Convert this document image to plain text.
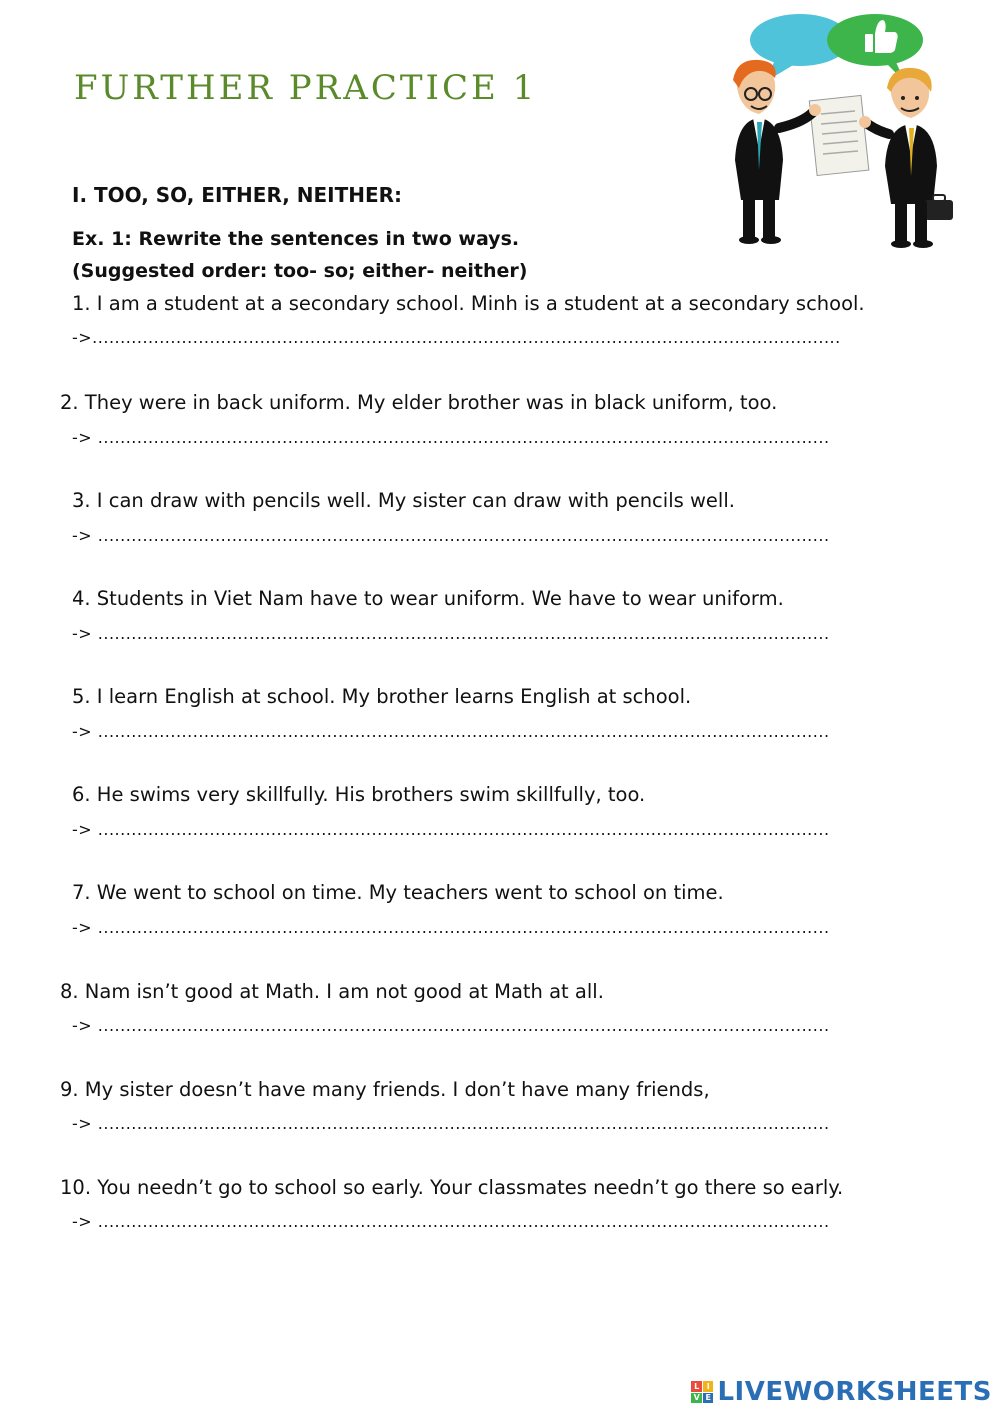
FURTHER PRACTICE 1
I. TOO, SO, EITHER, NEITHER:
Ex. 1: Rewrite the sentences in two ways.
(Suggested order: too- so; either- neither)
1. I am a student at a secondary school. Minh is a student at a secondary school.
->......................................................................................................................................
2. They were in back uniform. My elder brother was in black uniform, too.
-> ...................................................................................................................................
3. I can draw with pencils well. My sister can draw with pencils well.
-> ...................................................................................................................................
4. Students in Viet Nam have to wear uniform. We have to wear uniform.
-> ...................................................................................................................................
5. I learn English at school. My brother learns English at school.
-> ...................................................................................................................................
6. He swims very skillfully. His brothers swim skillfully, too.
-> ...................................................................................................................................
7. We went to school on time. My teachers went to school on time.
-> ...................................................................................................................................
8. Nam isn’t good at Math. I am not good at Math at all.
-> ...................................................................................................................................
9. My sister doesn’t have many friends. I don’t have many friends,
-> ...................................................................................................................................
10. You needn’t go to school so early. Your classmates needn’t go there so early.
-> ...................................................................................................................................
L I
V E LIVEWORKSHEETS
